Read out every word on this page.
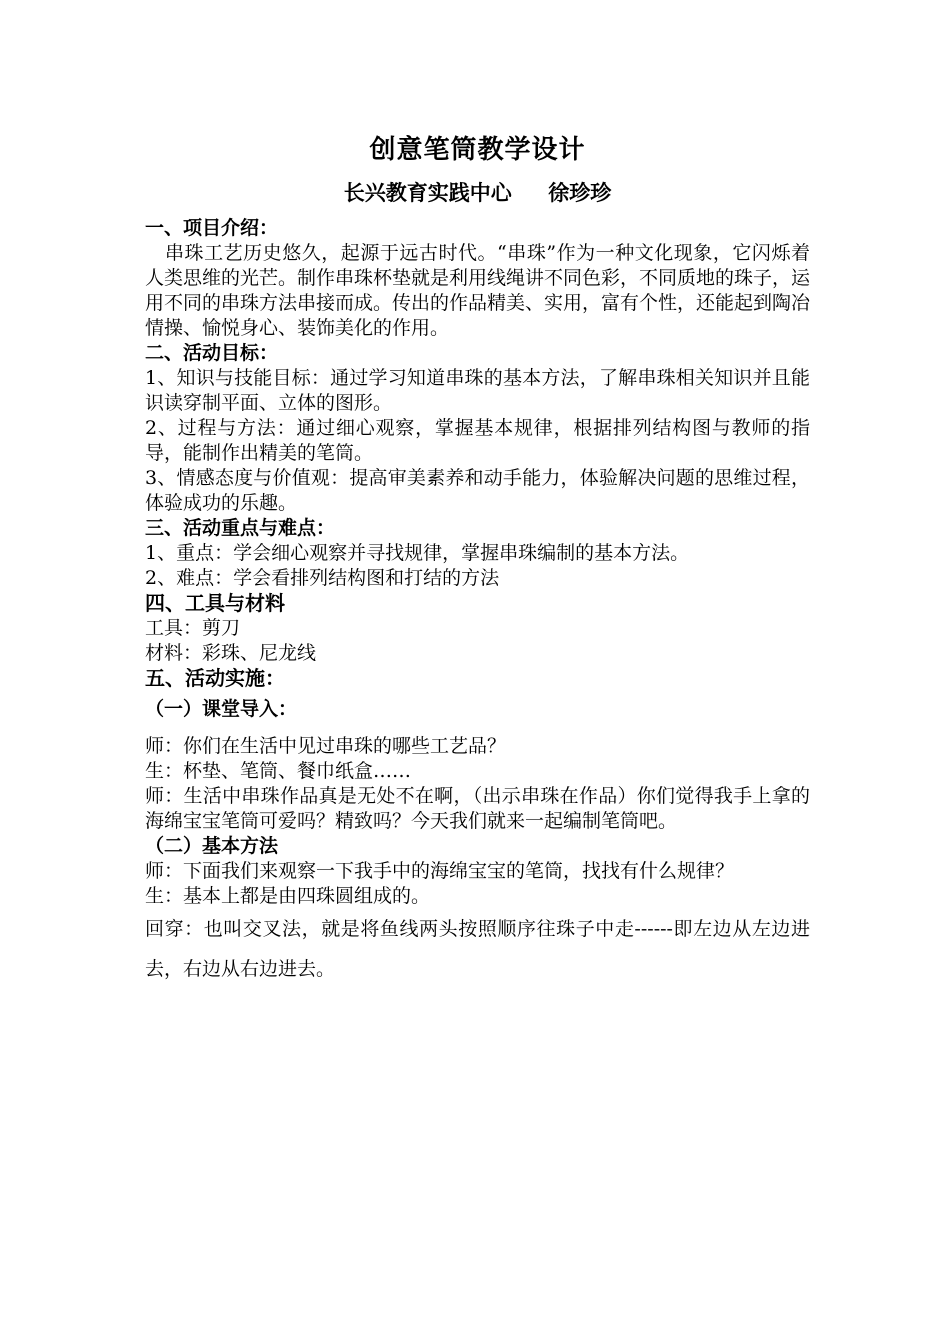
创意笔筒教学设计
长兴教育实践中心     徐珍珍
一、项目介绍：

串珠工艺历史悠久，起源于远古时代。“串珠”作为一种文化现象，它闪烁着人类思维的光芒。制作串珠杯垫就是利用线绳讲不同色彩，不同质地的珠子，运用不同的串珠方法串接而成。传出的作品精美、实用，富有个性，还能起到陶冶情操、愉悦身心、装饰美化的作用。

二、活动目标：

1、知识与技能目标：通过学习知道串珠的基本方法，了解串珠相关知识并且能识读穿制平面、立体的图形。

2、过程与方法：通过细心观察，掌握基本规律，根据排列结构图与教师的指导，能制作出精美的笔筒。

3、情感态度与价值观：提高审美素养和动手能力，体验解决问题的思维过程，体验成功的乐趣。

三、活动重点与难点：

1、重点：学会细心观察并寻找规律，掌握串珠编制的基本方法。

2、难点：学会看排列结构图和打结的方法

四、工具与材料

工具：剪刀

材料：彩珠、尼龙线

五、活动实施：
（一）课堂导入：

师：你们在生活中见过串珠的哪些工艺品？

生：杯垫、笔筒、餐巾纸盒……

师：生活中串珠作品真是无处不在啊，（出示串珠在作品）你们觉得我手上拿的海绵宝宝笔筒可爱吗？精致吗？今天我们就来一起编制笔筒吧。

（二）基本方法

师：下面我们来观察一下我手中的海绵宝宝的笔筒，找找有什么规律？

生：基本上都是由四珠圆组成的。

回穿：也叫交叉法，就是将鱼线两头按照顺序往珠子中走------即左边从左边进去，右边从右边进去。
